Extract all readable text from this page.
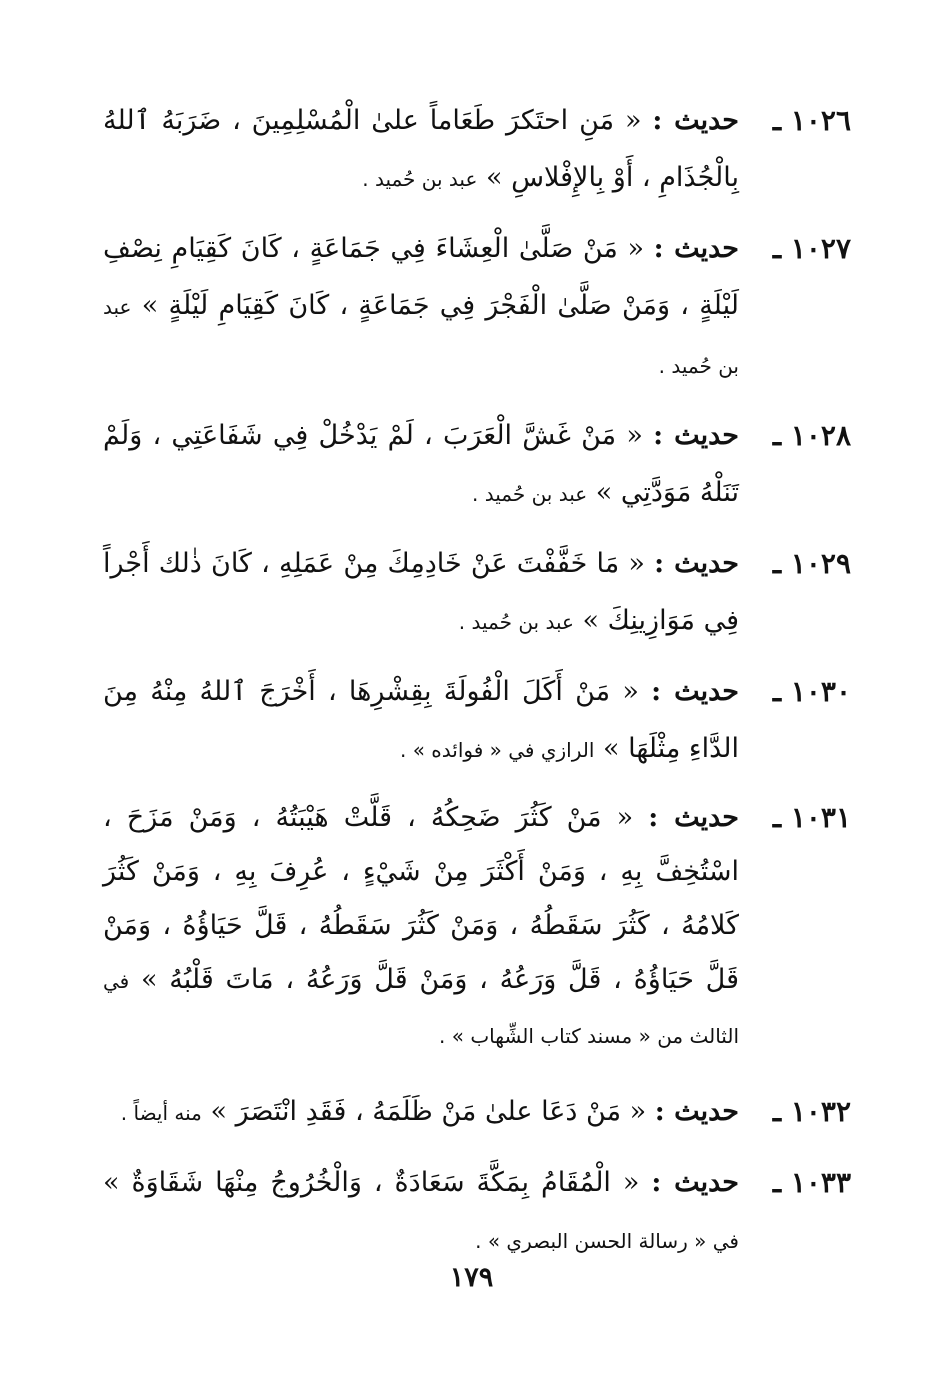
١٠٢٦ ـ
حديث : « مَنِ احتَكرَ طَعَاماً علىٰ الْمُسْلِمِينَ ، ضَرَبَهُ ٱللهُ بِالْجُذَامِ ، أَوْ بِالإِفْلاسِ » عبد بن حُميد .
١٠٢٧ ـ
حديث : « مَنْ صَلَّىٰ الْعِشَاءَ فِي جَمَاعَةٍ ، كَانَ كَقِيَامِ نِصْفِ لَيْلَةٍ ، وَمَنْ صَلَّىٰ الْفَجْرَ فِي جَمَاعَةٍ ، كَانَ كَقِيَامِ لَيْلَةٍ » عبد بن حُميد .
١٠٢٨ ـ
حديث : « مَنْ غَشَّ الْعَرَبَ ، لَمْ يَدْخُلْ فِي شَفَاعَتِي ، وَلَمْ تَنَلْهُ مَوَدَّتِي » عبد بن حُميد .
١٠٢٩ ـ
حديث : « مَا خَفَّفْتَ عَنْ خَادِمِكَ مِنْ عَمَلِهِ ، كَانَ ذٰلك أَجْراً فِي مَوَازِينِكَ » عبد بن حُميد .
١٠٣٠ ـ
حديث : « مَنْ أَكَلَ الْفُولَةَ بِقِشْرِهَا ، أَخْرَجَ ٱللهُ مِنْهُ مِنَ الدَّاءِ مِثْلَهَا » الرازي في « فوائده » .
١٠٣١ ـ
حديث : « مَنْ كَثُرَ ضَحِكُهُ ، قَلَّتْ هَيْبَتُهُ ، وَمَنْ مَزَحَ ، اسْتُخِفَّ بِهِ ، وَمَنْ أَكْثَرَ مِنْ شَيْءٍ ، عُرِفَ بِهِ ، وَمَنْ كَثُرَ كَلامُهُ ، كَثُرَ سَقَطُهُ ، وَمَنْ كَثُرَ سَقَطُهُ ، قَلَّ حَيَاؤُهُ ، وَمَنْ قَلَّ حَيَاؤُهُ ، قَلَّ وَرَعُهُ ، وَمَنْ قَلَّ وَرَعُهُ ، مَاتَ قَلْبُهُ » في الثالث من « مسند كتاب الشِّهاب » .
١٠٣٢ ـ
حديث : « مَنْ دَعَا علىٰ مَنْ ظَلَمَهُ ، فَقَدِ انْتَصَرَ » منه أيضاً .
١٠٣٣ ـ
حديث : « الْمُقَامُ بِمَكَّةَ سَعَادَةٌ ، وَالْخُرُوجُ مِنْهَا شَقَاوَةٌ » في « رسالة الحسن البصري » .
١٧٩
